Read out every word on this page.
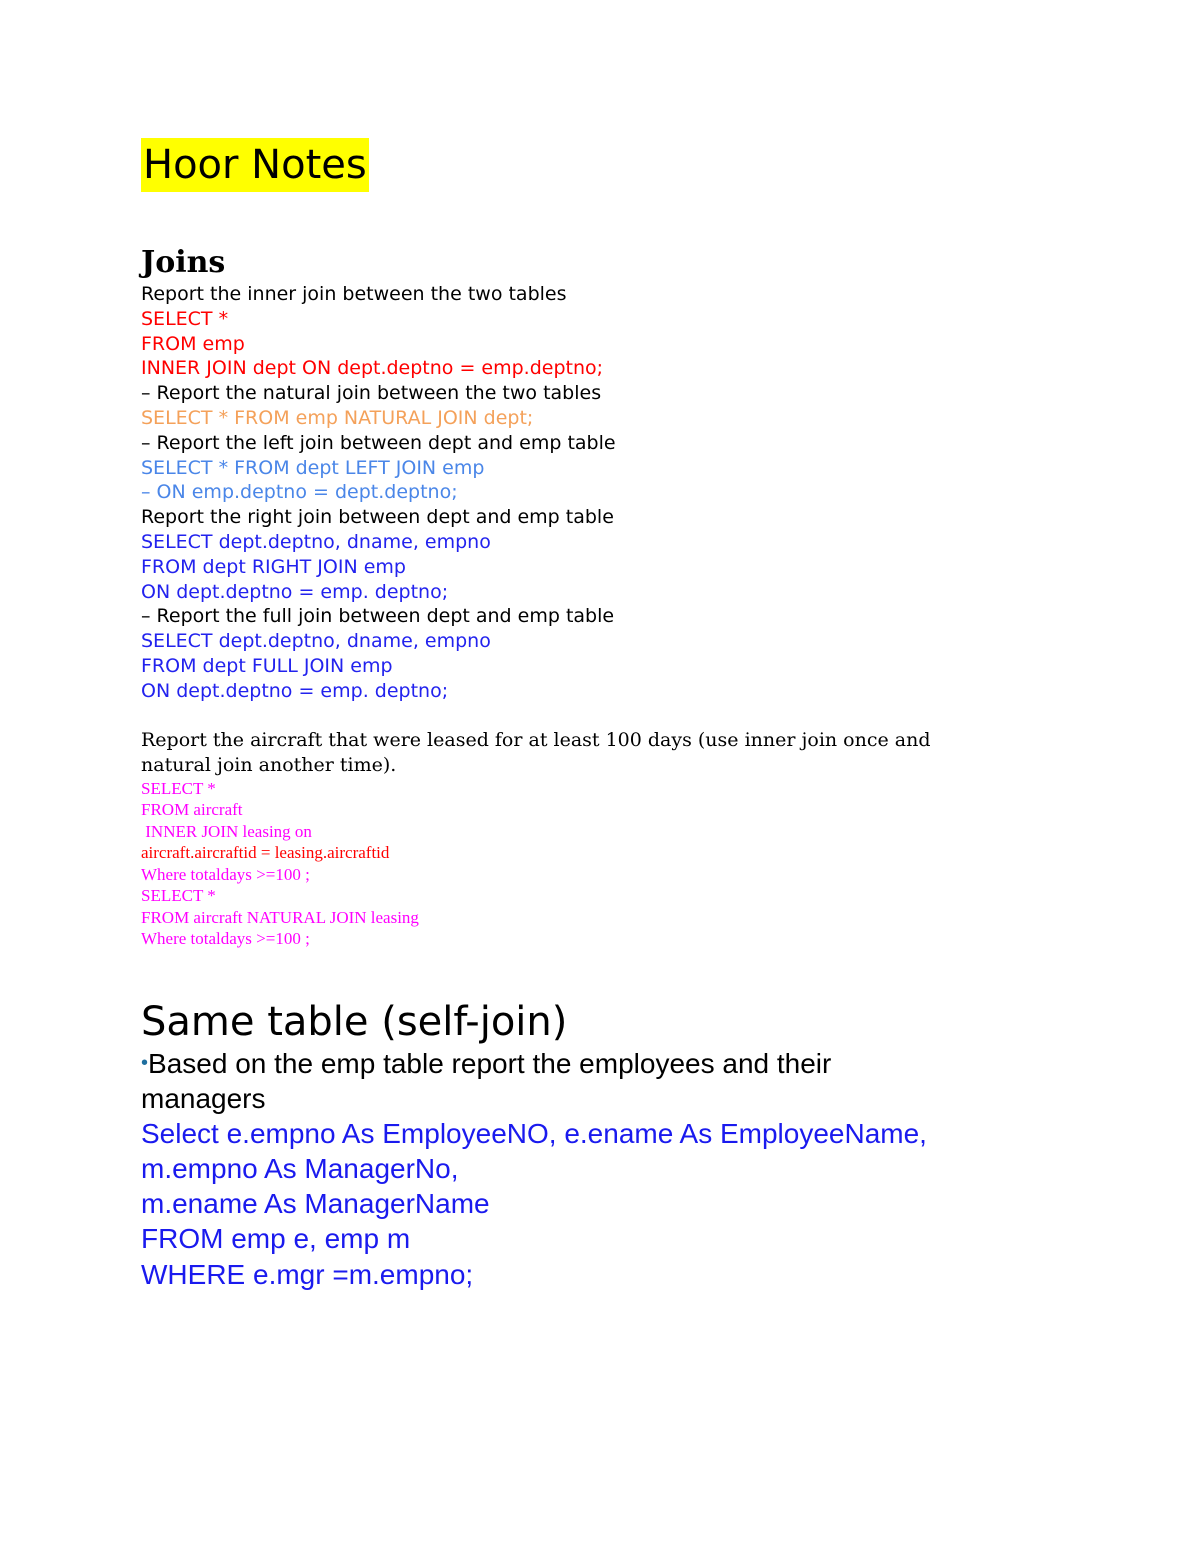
Hoor Notes
Joins
Report the inner join between the two tables
SELECT *
FROM emp
INNER JOIN dept ON dept.deptno = emp.deptno;
– Report the natural join between the two tables
SELECT * FROM emp NATURAL JOIN dept;
– Report the left join between dept and emp table
SELECT * FROM dept LEFT JOIN emp
– ON emp.deptno = dept.deptno;
Report the right join between dept and emp table
SELECT dept.deptno, dname, empno
FROM dept RIGHT JOIN emp
ON dept.deptno = emp. deptno;
– Report the full join between dept and emp table
SELECT dept.deptno, dname, empno
FROM dept FULL JOIN emp
ON dept.deptno = emp. deptno;
Report the aircraft that were leased for at least 100 days (use inner join once and natural join another time).
SELECT *
FROM aircraft
INNER JOIN leasing on
aircraft.aircraftid = leasing.aircraftid
Where totaldays >=100 ;
SELECT *
FROM aircraft NATURAL JOIN leasing
Where totaldays >=100 ;
Same table (self-join)
•Based on the emp table report the employees and their managers
Select e.empno As EmployeeNO, e.ename As EmployeeName,
m.empno As ManagerNo,
m.ename As ManagerName
FROM emp e, emp m
WHERE e.mgr =m.empno;
